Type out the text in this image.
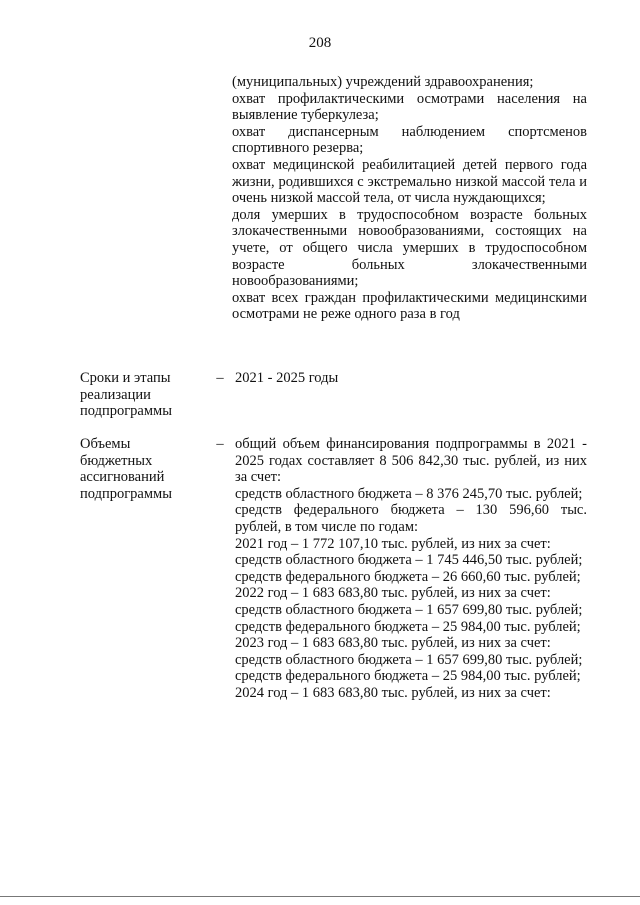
208
(муниципальных) учреждений здравоохранения;
охват профилактическими осмотрами населения на выявление туберкулеза;
охват диспансерным наблюдением спортсменов спортивного резерва;
охват медицинской реабилитацией детей первого года жизни, родившихся с экстремально низкой массой тела и очень низкой массой тела, от числа нуждающихся;
доля умерших в трудоспособном возрасте больных злокачественными новообразованиями, состоящих на учете, от общего числа умерших в трудоспособном возрасте больных злокачественными новообразованиями;
охват всех граждан профилактическими медицинскими осмотрами не реже одного раза в год
Сроки и этапы реализации подпрограммы
– 2021 - 2025 годы
Объемы бюджетных ассигнований подпрограммы
– общий объем финансирования подпрограммы в 2021 - 2025 годах составляет 8 506 842,30 тыс. рублей, из них за счет:
средств областного бюджета – 8 376 245,70 тыс. рублей;
средств федерального бюджета – 130 596,60 тыс. рублей, в том числе по годам:
2021 год – 1 772 107,10 тыс. рублей, из них за счет:
средств областного бюджета – 1 745 446,50 тыс. рублей;
средств федерального бюджета – 26 660,60 тыс. рублей;
2022 год – 1 683 683,80 тыс. рублей, из них за счет:
средств областного бюджета – 1 657 699,80 тыс. рублей;
средств федерального бюджета – 25 984,00 тыс. рублей;
2023 год – 1 683 683,80 тыс. рублей, из них за счет:
средств областного бюджета – 1 657 699,80 тыс. рублей;
средств федерального бюджета – 25 984,00 тыс. рублей;
2024 год – 1 683 683,80 тыс. рублей, из них за счет:
